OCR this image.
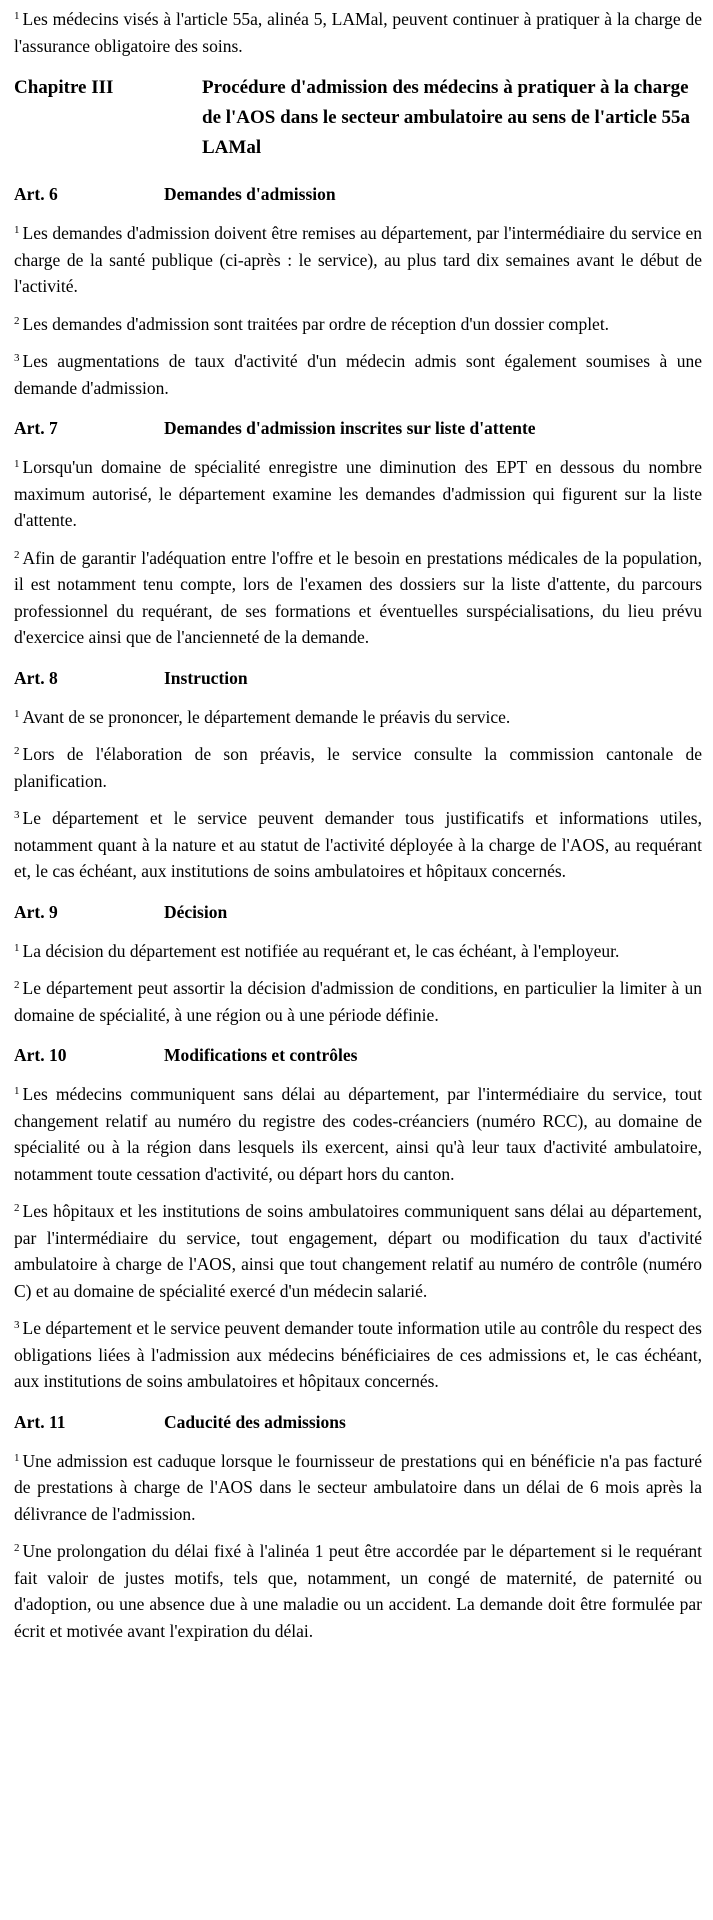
$^1$ Les médecins visés à l'article 55a, alinéa 5, LAMal, peuvent continuer à pratiquer à la charge de l'assurance obligatoire des soins.

Chapitre III	Procédure d'admission des médecins à pratiquer à la charge de l'AOS dans le secteur ambulatoire au sens de l'article 55a LAMal
Art. 6	Demandes d'admission

$^1$ Les demandes d'admission doivent être remises au département, par l'intermédiaire du service en charge de la santé publique (ci-après : le service), au plus tard dix semaines avant le début de l'activité.

$^2$ Les demandes d'admission sont traitées par ordre de réception d'un dossier complet.

$^3$ Les augmentations de taux d'activité d'un médecin admis sont également soumises à une demande d'admission.

Art. 7	Demandes d'admission inscrites sur liste d'attente

$^1$ Lorsqu'un domaine de spécialité enregistre une diminution des EPT en dessous du nombre maximum autorisé, le département examine les demandes d'admission qui figurent sur la liste d'attente.

$^2$ Afin de garantir l'adéquation entre l'offre et le besoin en prestations médicales de la population, il est notamment tenu compte, lors de l'examen des dossiers sur la liste d'attente, du parcours professionnel du requérant, de ses formations et éventuelles surspécialisations, du lieu prévu d'exercice ainsi que de l'ancienneté de la demande.

Art. 8	Instruction

$^1$ Avant de se prononcer, le département demande le préavis du service.

$^2$ Lors de l'élaboration de son préavis, le service consulte la commission cantonale de planification.

$^3$ Le département et le service peuvent demander tous justificatifs et informations utiles, notamment quant à la nature et au statut de l'activité déployée à la charge de l'AOS, au requérant et, le cas échéant, aux institutions de soins ambulatoires et hôpitaux concernés.

Art. 9	Décision

$^1$ La décision du département est notifiée au requérant et, le cas échéant, à l'employeur.

$^2$ Le département peut assortir la décision d'admission de conditions, en particulier la limiter à un domaine de spécialité, à une région ou à une période définie.

Art. 10	Modifications et contrôles

$^1$ Les médecins communiquent sans délai au département, par l'intermédiaire du service, tout changement relatif au numéro du registre des codes-créanciers (numéro RCC), au domaine de spécialité ou à la région dans lesquels ils exercent, ainsi qu'à leur taux d'activité ambulatoire, notamment toute cessation d'activité, ou départ hors du canton.

$^2$ Les hôpitaux et les institutions de soins ambulatoires communiquent sans délai au département, par l'intermédiaire du service, tout engagement, départ ou modification du taux d'activité ambulatoire à charge de l'AOS, ainsi que tout changement relatif au numéro de contrôle (numéro C) et au domaine de spécialité exercé d'un médecin salarié.

$^3$ Le département et le service peuvent demander toute information utile au contrôle du respect des obligations liées à l'admission aux médecins bénéficiaires de ces admissions et, le cas échéant, aux institutions de soins ambulatoires et hôpitaux concernés.

Art. 11	Caducité des admissions

$^1$ Une admission est caduque lorsque le fournisseur de prestations qui en bénéficie n'a pas facturé de prestations à charge de l'AOS dans le secteur ambulatoire dans un délai de 6 mois après la délivrance de l'admission.

$^2$ Une prolongation du délai fixé à l'alinéa 1 peut être accordée par le département si le requérant fait valoir de justes motifs, tels que, notamment, un congé de maternité, de paternité ou d'adoption, ou une absence due à une maladie ou un accident. La demande doit être formulée par écrit et motivée avant l'expiration du délai.
